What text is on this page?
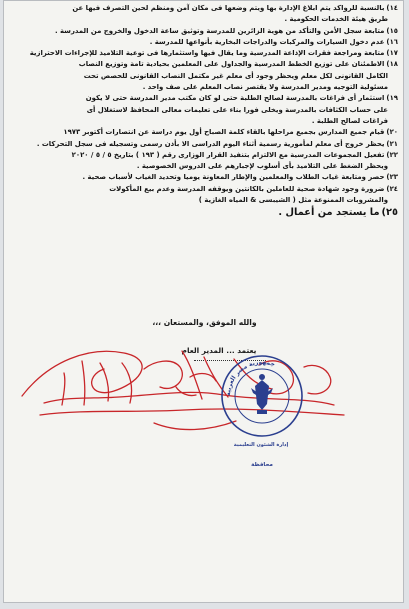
١٤)بالنسبة للرواكد يتم ابلاغ الإدارة بها ويتم وضعها فى مكان آمن ومنظم لحين التصرف فيها عن
طريق هيئة الخدمات الحكومية .
١٥)متابعة سجل الأمن والتأكد من هوية الزائرين للمدرسة وتوثيق ساعة الدخول والخروج من المدرسة .
١٦)عدم دخول السيارات والمركبات والدراجات البخارية بأنواعها للمدرسة .
١٧)متابعة ومراجعة فقرات الإذاعة المدرسية وما يقال فيها واستثمارها فى توعية التلاميذ للإجراءات الاحترازية
١٨)الاطمئنان على توزيع الخطط المدرسية والجداول على المعلمين بحيادية تامة وتوزيع النصاب
الكامل القانونى لكل معلم ويحظر وجود أى معلم غير مكتمل النصاب القانونى للحصص تحت
مسئولية التوجيه ومدير المدرسة ولا يقتصر نصاب المعلم على صف واحد .
١٩)استثمار أى فراغات بالمدرسة لصالح الطلبة حتى لو كان مكتب مدير المدرسة حتى لا يكون
على حساب الكثافات بالمدرسة ويخلى فورا بناء على تعليمات معالى المحافظ لاستغلال أى
فراغات لصالح الطلبة .
٢٠)قيام جميع المدارس بجميع مراحلها بالقاء كلمة الصباح أول يوم دراسة عن انتصارات أكتوبر ١٩٧٣
٢١)يحظر خروج أى معلم لمأمورية رسمية أثناء اليوم الدراسى الا بأذن رسمى وتسجيله فى سجل التحركات .
٢٢)تفعيل المجموعات المدرسية مع الالتزام بتنفيذ القرار الوزارى رقم ( ١٩٣ ) بتاريخ ٥ / ٥ / ٢٠٢٠
ويحظر الضغط على التلاميذ بأى أسلوب لإجبارهم على الدروس الخصوصية .
٢٣)حصر ومتابعة غياب الطلاب والمعلمين والإطار المعاونة يوميا وتحديد الغياب لأسباب صحية .
٢٤)ضرورة وجود شهادة صحية للعاملين بالكانتين ويوقفه المدرسة وعدم بيع المأكولات
والمشروبات الممنوعة مثل ( الشيبسى & المياه الغازية )
٢٥)ما يستجد من أعمال .
والله الموفق، والمستعان ،،،
يعتمد ... المدير العام
جمهورية مصر العربية
إدارة الشئون التعليمية
محافظة
